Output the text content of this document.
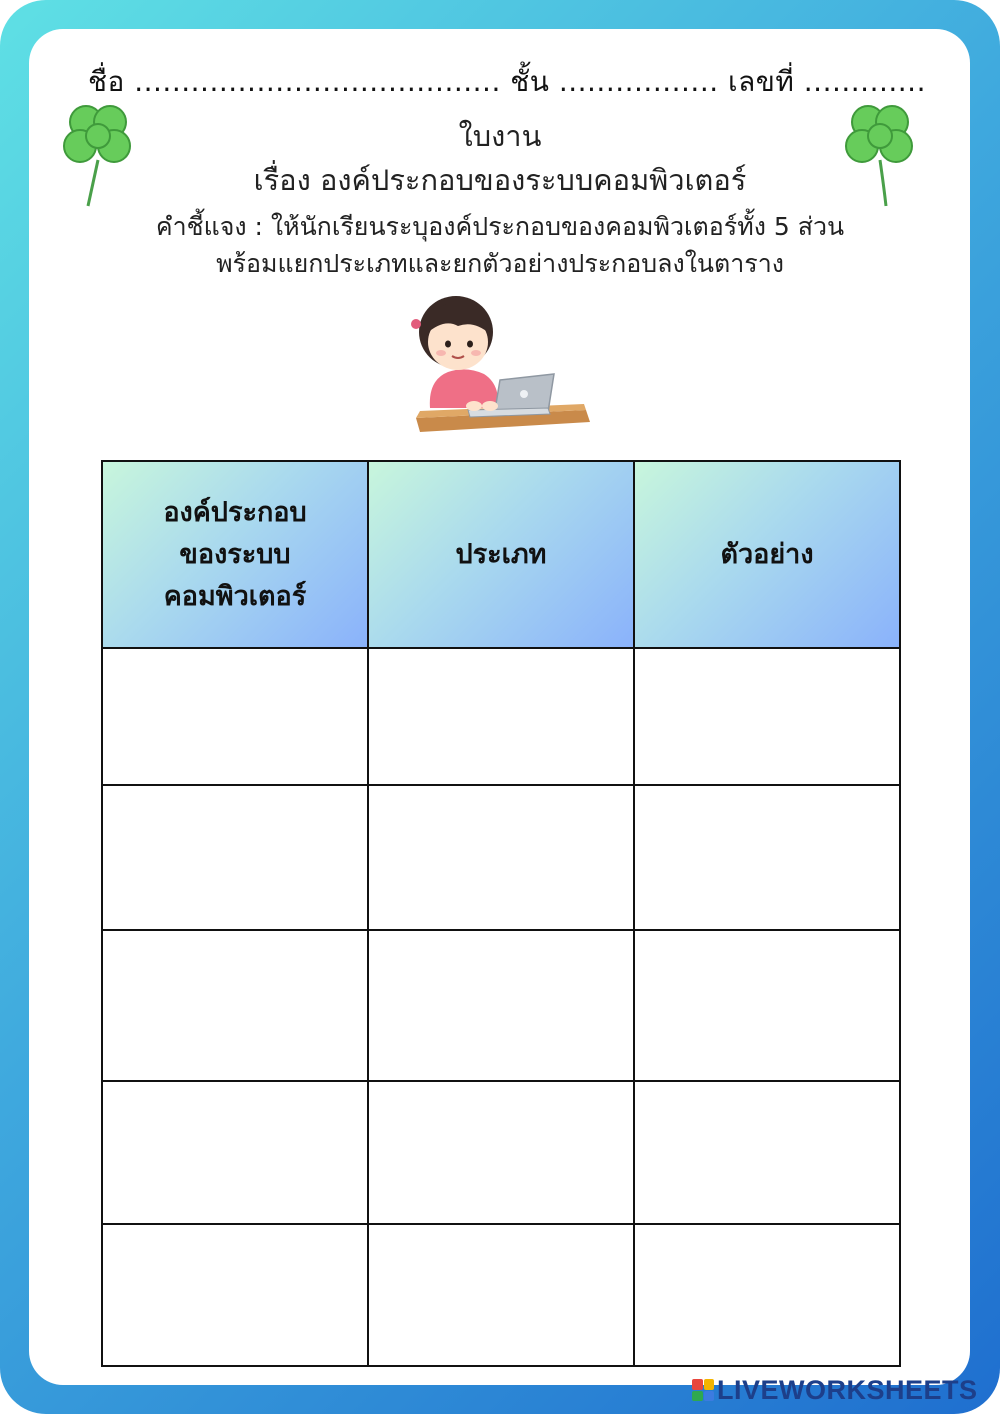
ชื่อ ....................................... ชั้น ................. เลขที่ .............
ใบงาน
เรื่อง องค์ประกอบของระบบคอมพิวเตอร์
คำชี้แจง : ให้นักเรียนระบุองค์ประกอบของคอมพิวเตอร์ทั้ง 5 ส่วน
พร้อมแยกประเภทและยกตัวอย่างประกอบลงในตาราง
องค์ประกอบ
ของระบบ
คอมพิวเตอร์	ประเภท	ตัวอย่าง

LIVEWORKSHEETS
